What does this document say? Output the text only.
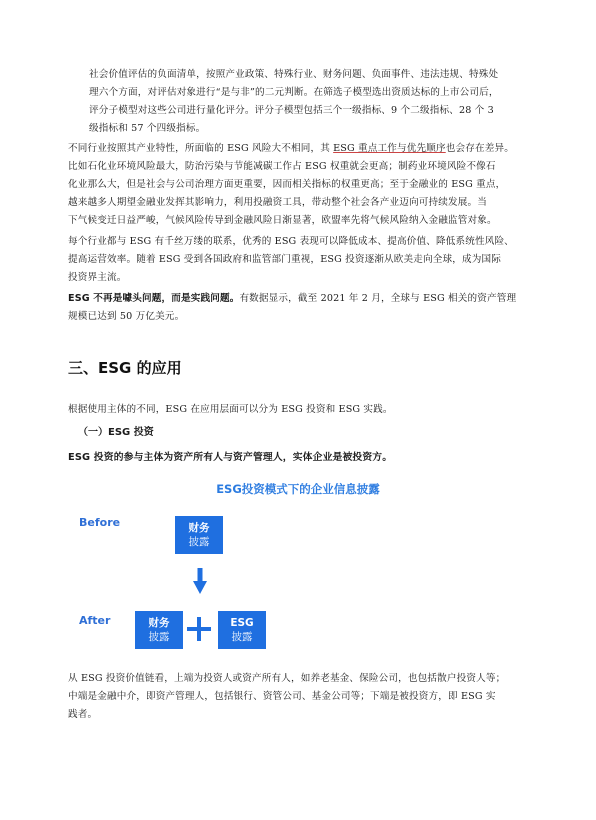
社会价值评估的负面清单，按照产业政策、特殊行业、财务问题、负面事件、违法违规、特殊处
理六个方面，对评估对象进行“是与非”的二元判断。在筛选子模型选出资质达标的上市公司后，
评分子模型对这些公司进行量化评分。评分子模型包括三个一级指标、9 个二级指标、28 个 3
级指标和 57 个四级指标。
不同行业按照其产业特性，所面临的 ESG 风险大不相同，其 ESG 重点工作与优先顺序也会存在差异。
比如石化业环境风险最大，防治污染与节能减碳工作占 ESG 权重就会更高；制药业环境风险不像石
化业那么大，但是社会与公司治理方面更重要，因而相关指标的权重更高；至于金融业的 ESG 重点，
越来越多人期望金融业发挥其影响力，利用投融资工具，带动整个社会各产业迈向可持续发展。当
下气候变迁日益严峻，气候风险传导到金融风险日渐显著，欧盟率先将气候风险纳入金融监管对象。
每个行业都与 ESG 有千丝万缕的联系，优秀的 ESG 表现可以降低成本、提高价值、降低系统性风险、
提高运营效率。随着 ESG 受到各国政府和监管部门重视，ESG 投资逐渐从欧美走向全球，成为国际
投资界主流。
ESG 不再是噱头问题，而是实践问题。有数据显示，截至 2021 年 2 月，全球与 ESG 相关的资产管理
规模已达到 50 万亿美元。
三、ESG 的应用
根据使用主体的不同，ESG 在应用层面可以分为 ESG 投资和 ESG 实践。
（一）ESG 投资
ESG 投资的参与主体为资产所有人与资产管理人，实体企业是被投资方。
ESG投资模式下的企业信息披露
Before
After
财务
披露
财务
披露
ESG
披露
从 ESG 投资价值链看，上端为投资人或资产所有人，如养老基金、保险公司，也包括散户投资人等；
中端是金融中介，即资产管理人，包括银行、资管公司、基金公司等；下端是被投资方，即 ESG 实
践者。
